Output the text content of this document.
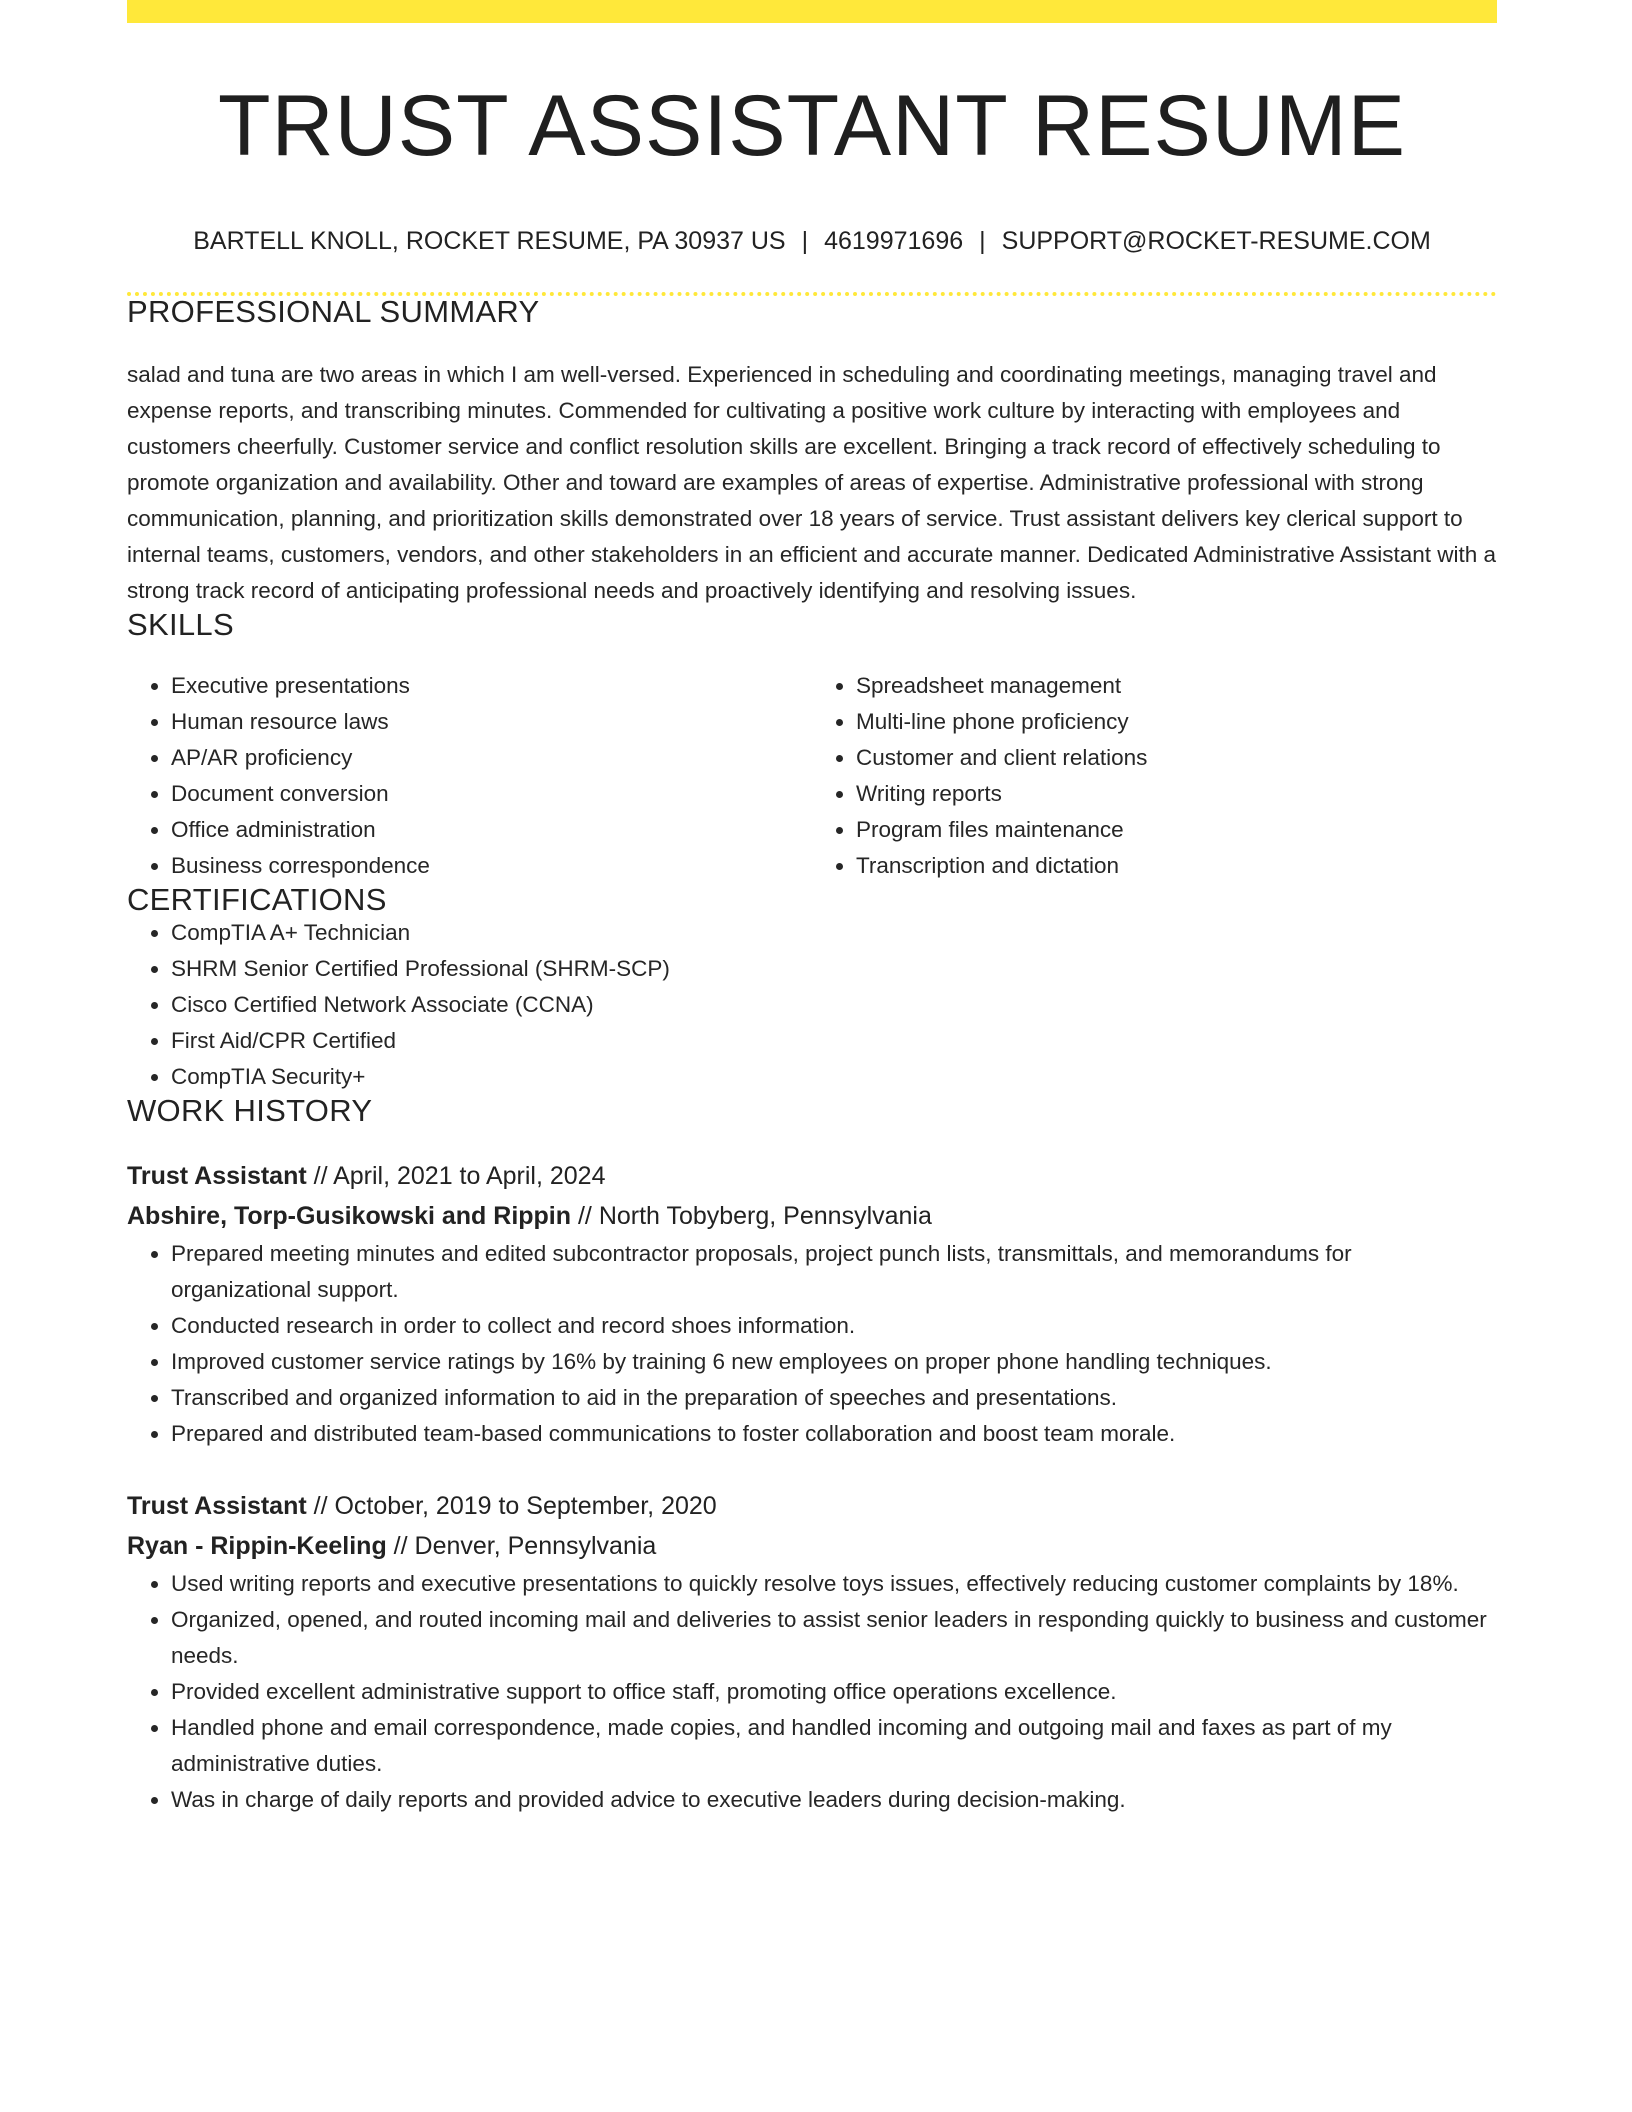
TRUST ASSISTANT RESUME
BARTELL KNOLL, ROCKET RESUME, PA 30937 US | 4619971696 | SUPPORT@ROCKET-RESUME.COM
PROFESSIONAL SUMMARY

salad and tuna are two areas in which I am well-versed. Experienced in scheduling and coordinating meetings, managing travel and expense reports, and transcribing minutes. Commended for cultivating a positive work culture by interacting with employees and customers cheerfully. Customer service and conflict resolution skills are excellent. Bringing a track record of effectively scheduling to promote organization and availability. Other and toward are examples of areas of expertise. Administrative professional with strong communication, planning, and prioritization skills demonstrated over 18 years of service. Trust assistant delivers key clerical support to internal teams, customers, vendors, and other stakeholders in an efficient and accurate manner. Dedicated Administrative Assistant with a strong track record of anticipating professional needs and proactively identifying and resolving issues.

SKILLS
• Executive presentations
• Human resource laws
• AP/AR proficiency
• Document conversion
• Office administration
• Business correspondence
• Spreadsheet management
• Multi-line phone proficiency
• Customer and client relations
• Writing reports
• Program files maintenance
• Transcription and dictation
CERTIFICATIONS
• CompTIA A+ Technician
• SHRM Senior Certified Professional (SHRM-SCP)
• Cisco Certified Network Associate (CCNA)
• First Aid/CPR Certified
• CompTIA Security+
WORK HISTORY
Trust Assistant // April, 2021 to April, 2024
Abshire, Torp-Gusikowski and Rippin // North Tobyberg, Pennsylvania
• Prepared meeting minutes and edited subcontractor proposals, project punch lists, transmittals, and memorandums for organizational support.
• Conducted research in order to collect and record shoes information.
• Improved customer service ratings by 16% by training 6 new employees on proper phone handling techniques.
• Transcribed and organized information to aid in the preparation of speeches and presentations.
• Prepared and distributed team-based communications to foster collaboration and boost team morale.
Trust Assistant // October, 2019 to September, 2020
Ryan - Rippin-Keeling // Denver, Pennsylvania
• Used writing reports and executive presentations to quickly resolve toys issues, effectively reducing customer complaints by 18%.
• Organized, opened, and routed incoming mail and deliveries to assist senior leaders in responding quickly to business and customer needs.
• Provided excellent administrative support to office staff, promoting office operations excellence.
• Handled phone and email correspondence, made copies, and handled incoming and outgoing mail and faxes as part of my administrative duties.
• Was in charge of daily reports and provided advice to executive leaders during decision-making.
